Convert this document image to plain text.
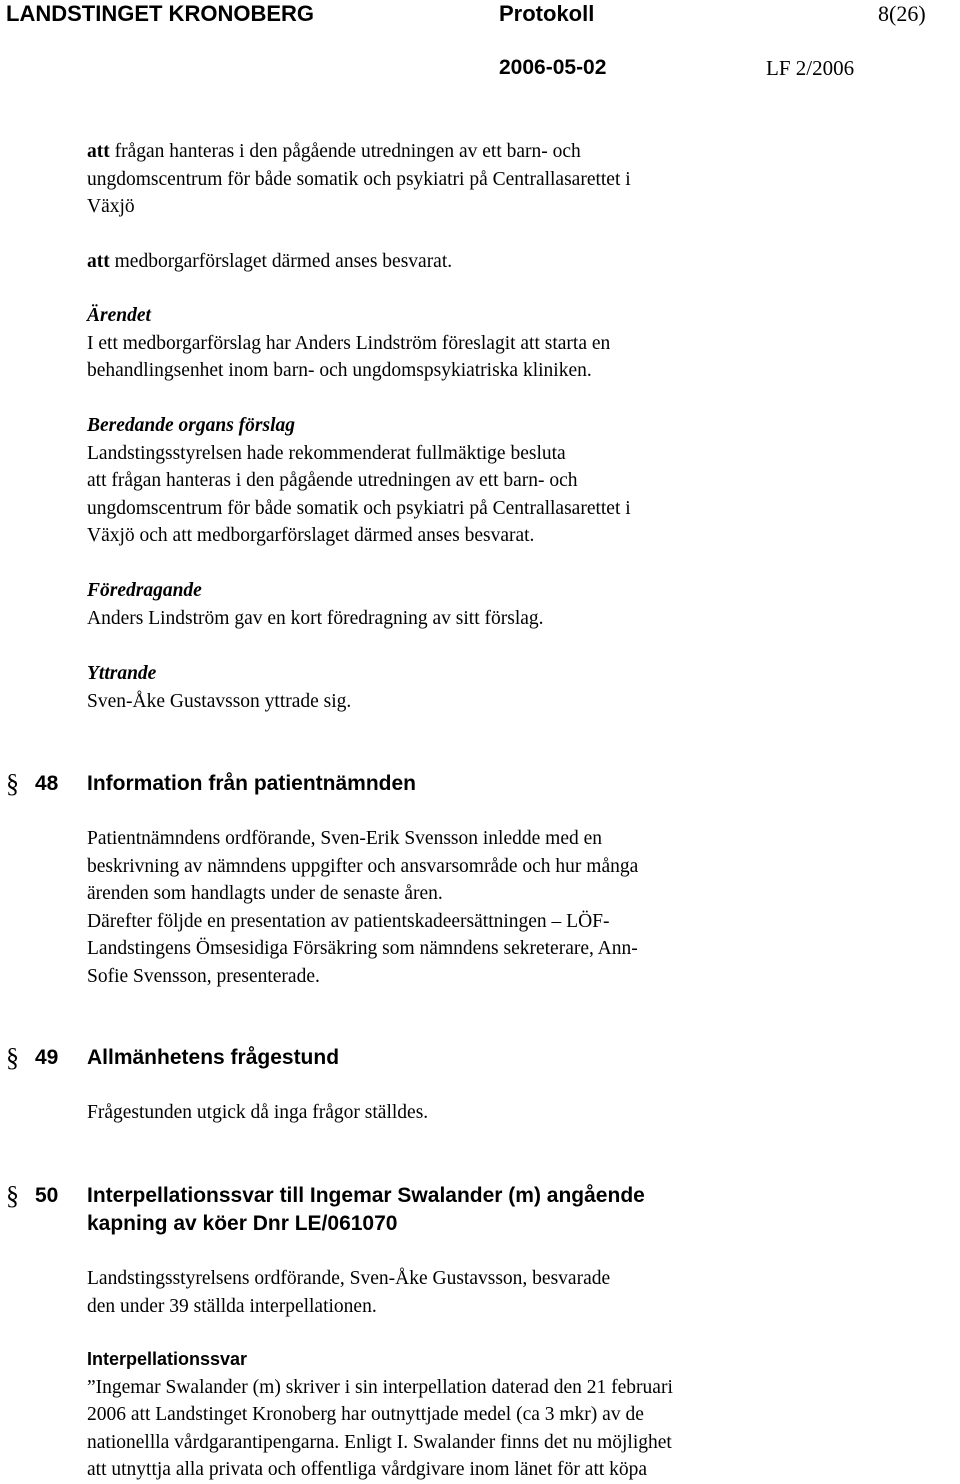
LANDSTINGET KRONOBERG	Protokoll	8(26)
2006-05-02	LF 2/2006
att frågan hanteras i den pågående utredningen av ett barn- och
ungdomscentrum för både somatik och psykiatri på Centrallasarettet i
Växjö
att medborgarförslaget därmed anses besvarat.
Ärendet
I ett medborgarförslag har Anders Lindström föreslagit att starta en
behandlingsenhet inom barn- och ungdomspsykiatriska kliniken.
Beredande organs förslag
Landstingsstyrelsen hade rekommenderat fullmäktige besluta
att frågan hanteras i den pågående utredningen av ett barn- och
ungdomscentrum för både somatik och psykiatri på Centrallasarettet i
Växjö och att medborgarförslaget därmed anses besvarat.
Föredragande
Anders Lindström gav en kort föredragning av sitt förslag.
Yttrande
Sven-Åke Gustavsson yttrade sig.
§ 48 Information från patientnämnden
Patientnämndens ordförande, Sven-Erik Svensson inledde med en
beskrivning av nämndens uppgifter och ansvarsområde och hur många
ärenden som handlagts under de senaste åren.
Därefter följde en presentation av patientskadeersättningen – LÖF-
Landstingens Ömsesidiga Försäkring som nämndens sekreterare, Ann-
Sofie Svensson, presenterade.
§ 49 Allmänhetens frågestund
Frågestunden utgick då inga frågor ställdes.
§ 50 Interpellationssvar till Ingemar Swalander (m) angående
kapning av köer Dnr LE/061070
Landstingsstyrelsens ordförande, Sven-Åke Gustavsson, besvarade
den under 39 ställda interpellationen.
Interpellationssvar
”Ingemar Swalander (m) skriver i sin interpellation daterad den 21 februari
2006 att Landstinget Kronoberg har outnyttjade medel (ca 3 mkr) av de
nationellla vårdgarantipengarna. Enligt I. Swalander finns det nu möjlighet
att utnyttja alla privata och offentliga vårdgivare inom länet för att köpa
